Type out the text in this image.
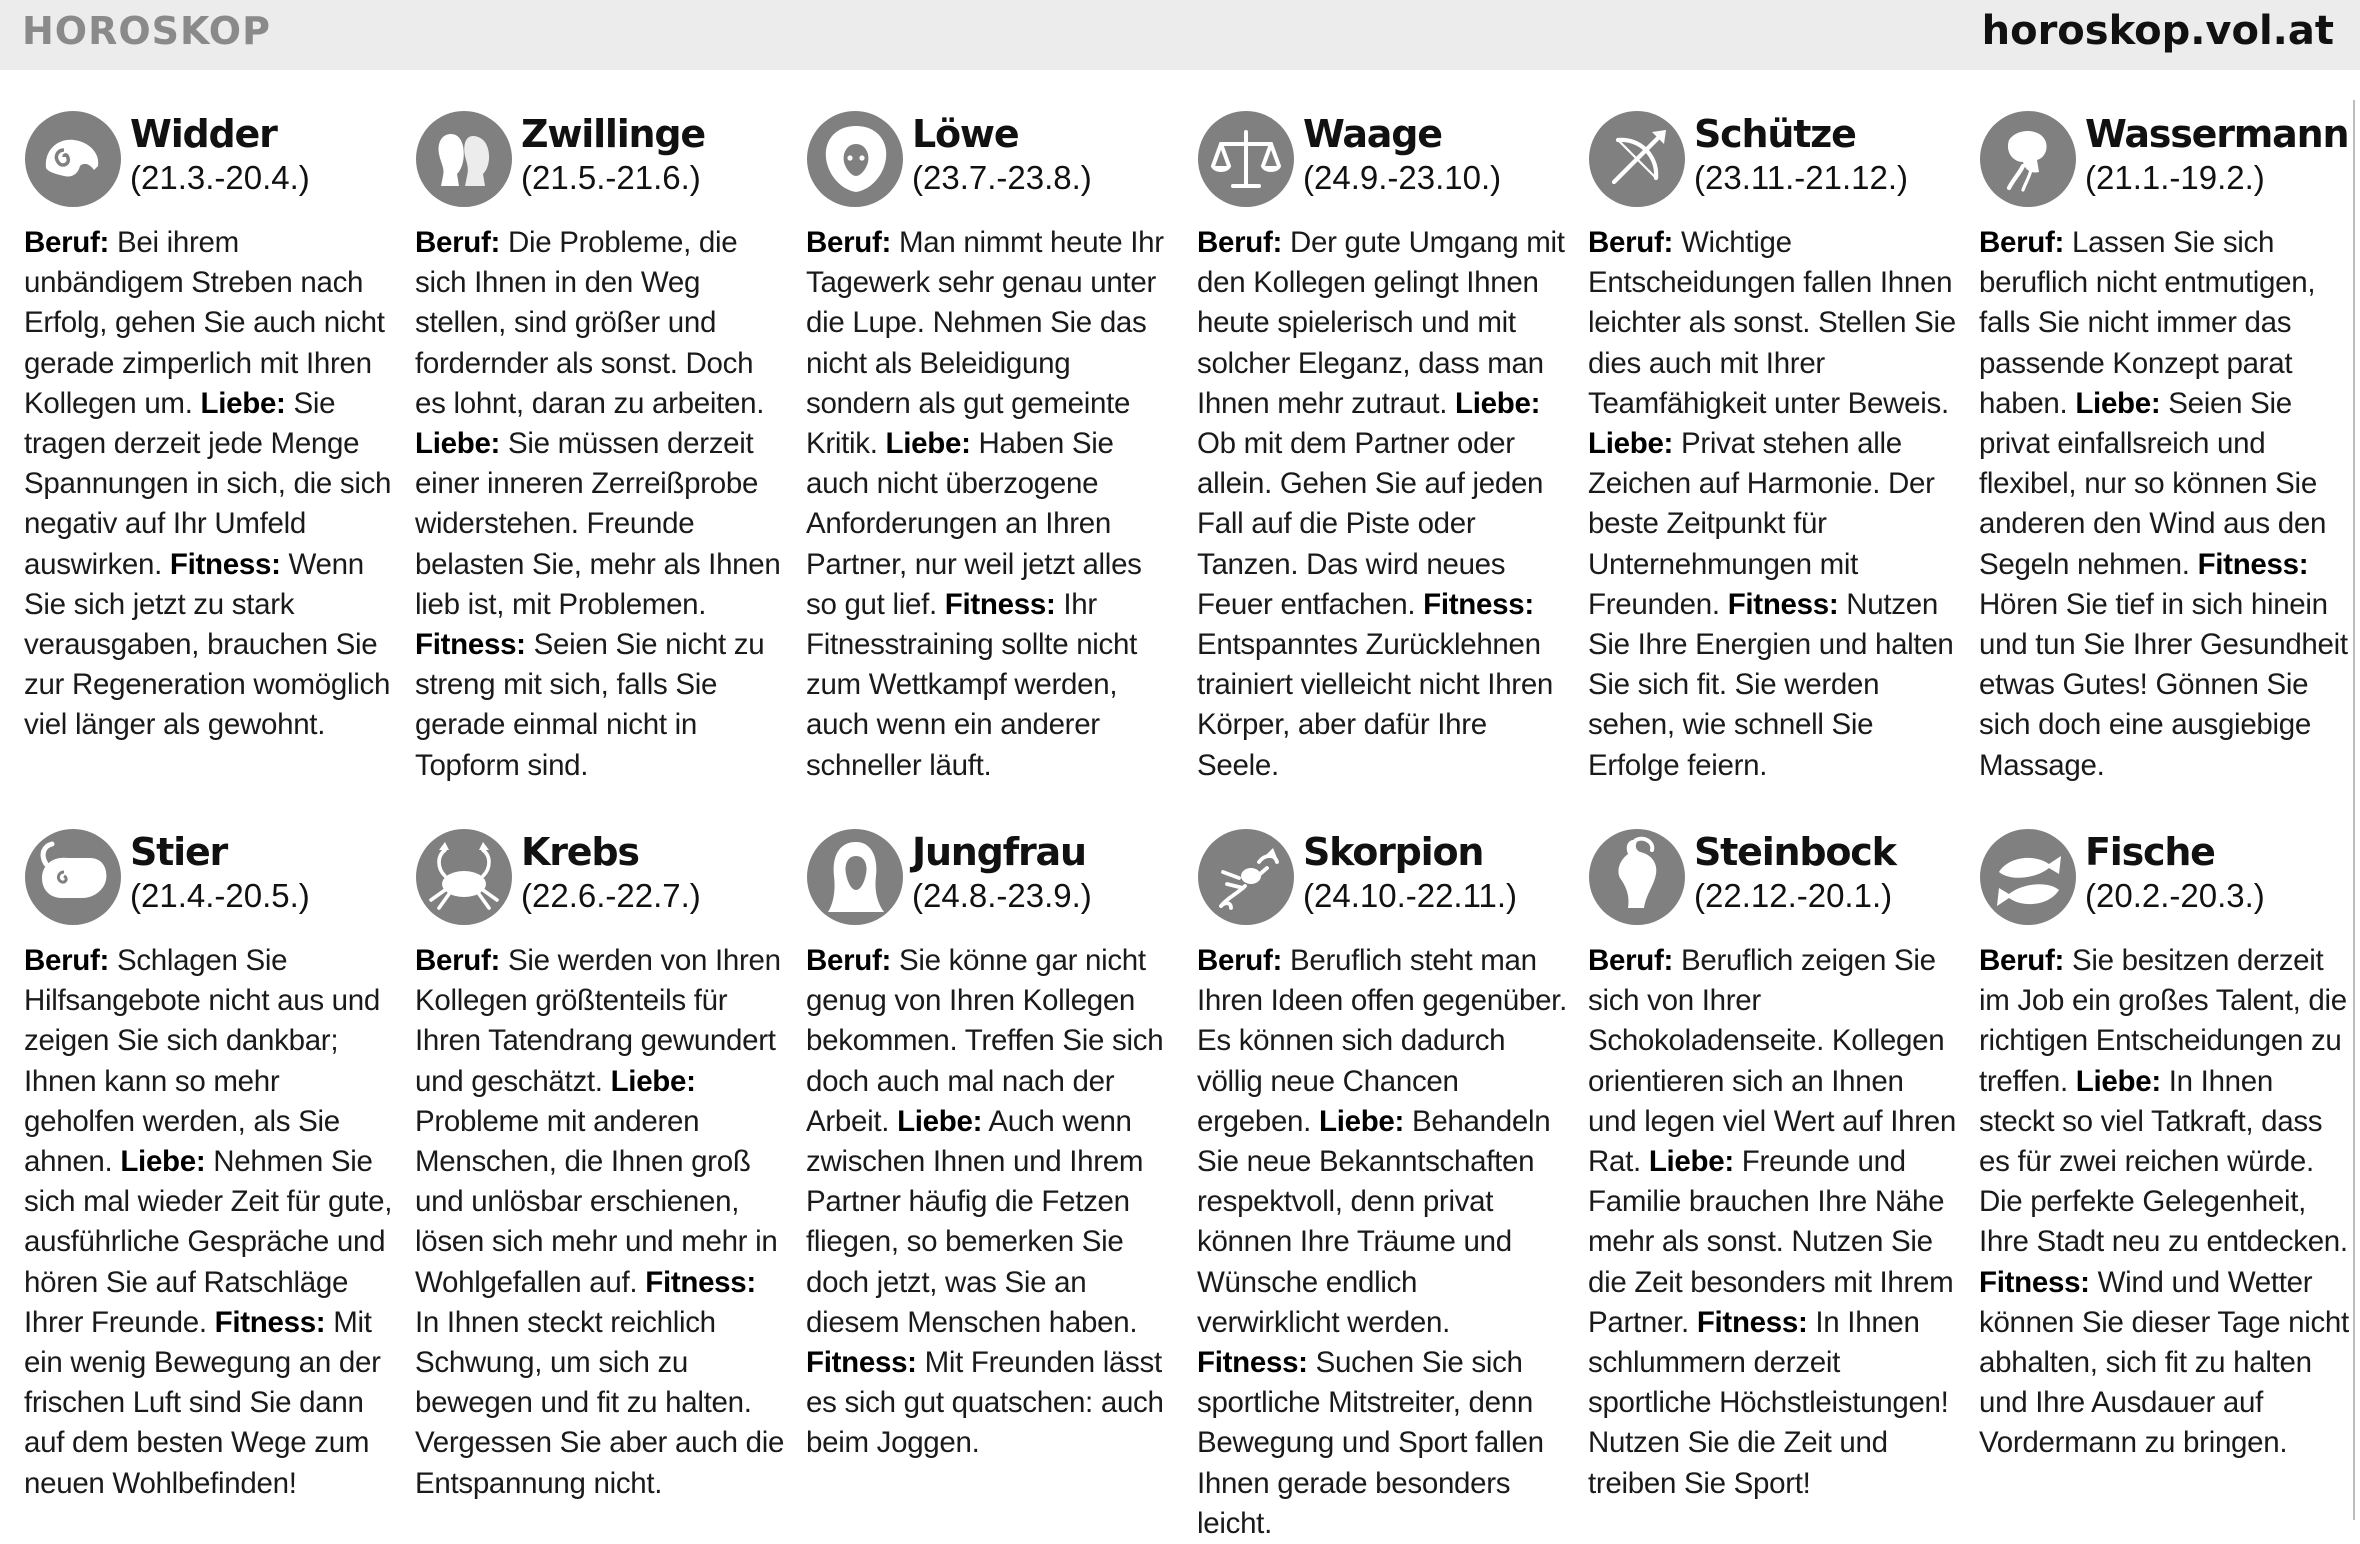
HOROSKOP	horoskop.vol.at
Widder
(21.3.-20.4.)
Beruf: Bei ihrem unbändigem Streben nach Erfolg, gehen Sie auch nicht gerade zimperlich mit Ihren Kollegen um. Liebe: Sie tragen derzeit jede Menge Spannungen in sich, die sich negativ auf Ihr Umfeld auswirken. Fitness: Wenn Sie sich jetzt zu stark verausgaben, brauchen Sie zur Regeneration womöglich viel länger als gewohnt.
Zwillinge
(21.5.-21.6.)
Beruf: Die Probleme, die sich Ihnen in den Weg stellen, sind größer und fordernder als sonst. Doch es lohnt, daran zu arbeiten. Liebe: Sie müssen derzeit einer inneren Zerreißprobe widerstehen. Freunde belasten Sie, mehr als Ihnen lieb ist, mit Problemen. Fitness: Seien Sie nicht zu streng mit sich, falls Sie gerade einmal nicht in Topform sind.
Löwe
(23.7.-23.8.)
Beruf: Man nimmt heute Ihr Tagewerk sehr genau unter die Lupe. Nehmen Sie das nicht als Beleidigung sondern als gut gemeinte Kritik. Liebe: Haben Sie auch nicht überzogene Anforderungen an Ihren Partner, nur weil jetzt alles so gut lief. Fitness: Ihr Fitnesstraining sollte nicht zum Wettkampf werden, auch wenn ein anderer schneller läuft.
Waage
(24.9.-23.10.)
Beruf: Der gute Umgang mit den Kollegen gelingt Ihnen heute spielerisch und mit solcher Eleganz, dass man Ihnen mehr zutraut. Liebe: Ob mit dem Partner oder allein. Gehen Sie auf jeden Fall auf die Piste oder Tanzen. Das wird neues Feuer entfachen. Fitness: Entspanntes Zurücklehnen trainiert vielleicht nicht Ihren Körper, aber dafür Ihre Seele.
Schütze
(23.11.-21.12.)
Beruf: Wichtige Entscheidungen fallen Ihnen leichter als sonst. Stellen Sie dies auch mit Ihrer Teamfähigkeit unter Beweis. Liebe: Privat stehen alle Zeichen auf Harmonie. Der beste Zeitpunkt für Unternehmungen mit Freunden. Fitness: Nutzen Sie Ihre Energien und halten Sie sich fit. Sie werden sehen, wie schnell Sie Erfolge feiern.
Wassermann
(21.1.-19.2.)
Beruf: Lassen Sie sich beruflich nicht entmutigen, falls Sie nicht immer das passende Konzept parat haben. Liebe: Seien Sie privat einfallsreich und flexibel, nur so können Sie anderen den Wind aus den Segeln nehmen. Fitness: Hören Sie tief in sich hinein und tun Sie Ihrer Gesundheit etwas Gutes! Gönnen Sie sich doch eine ausgiebige Massage.
Stier
(21.4.-20.5.)
Beruf: Schlagen Sie Hilfsangebote nicht aus und zeigen Sie sich dankbar; Ihnen kann so mehr geholfen werden, als Sie ahnen. Liebe: Nehmen Sie sich mal wieder Zeit für gute, ausführliche Gespräche und hören Sie auf Ratschläge Ihrer Freunde. Fitness: Mit ein wenig Bewegung an der frischen Luft sind Sie dann auf dem besten Wege zum neuen Wohlbefinden!
Krebs
(22.6.-22.7.)
Beruf: Sie werden von Ihren Kollegen größtenteils für Ihren Tatendrang gewundert und geschätzt. Liebe: Probleme mit anderen Menschen, die Ihnen groß und unlösbar erschienen, lösen sich mehr und mehr in Wohlgefallen auf. Fitness: In Ihnen steckt reichlich Schwung, um sich zu bewegen und fit zu halten. Vergessen Sie aber auch die Entspannung nicht.
Jungfrau
(24.8.-23.9.)
Beruf: Sie könne gar nicht genug von Ihren Kollegen bekommen. Treffen Sie sich doch auch mal nach der Arbeit. Liebe: Auch wenn zwischen Ihnen und Ihrem Partner häufig die Fetzen fliegen, so bemerken Sie doch jetzt, was Sie an diesem Menschen haben. Fitness: Mit Freunden lässt es sich gut quatschen: auch beim Joggen.
Skorpion
(24.10.-22.11.)
Beruf: Beruflich steht man Ihren Ideen offen gegenüber. Es können sich dadurch völlig neue Chancen ergeben. Liebe: Behandeln Sie neue Bekanntschaften respektvoll, denn privat können Ihre Träume und Wünsche endlich verwirklicht werden. Fitness: Suchen Sie sich sportliche Mitstreiter, denn Bewegung und Sport fallen Ihnen gerade besonders leicht.
Steinbock
(22.12.-20.1.)
Beruf: Beruflich zeigen Sie sich von Ihrer Schokoladenseite. Kollegen orientieren sich an Ihnen und legen viel Wert auf Ihren Rat. Liebe: Freunde und Familie brauchen Ihre Nähe mehr als sonst. Nutzen Sie die Zeit besonders mit Ihrem Partner. Fitness: In Ihnen schlummern derzeit sportliche Höchstleistungen! Nutzen Sie die Zeit und treiben Sie Sport!
Fische
(20.2.-20.3.)
Beruf: Sie besitzen derzeit im Job ein großes Talent, die richtigen Entscheidungen zu treffen. Liebe: In Ihnen steckt so viel Tatkraft, dass es für zwei reichen würde. Die perfekte Gelegenheit, Ihre Stadt neu zu entdecken. Fitness: Wind und Wetter können Sie dieser Tage nicht abhalten, sich fit zu halten und Ihre Ausdauer auf Vordermann zu bringen.
